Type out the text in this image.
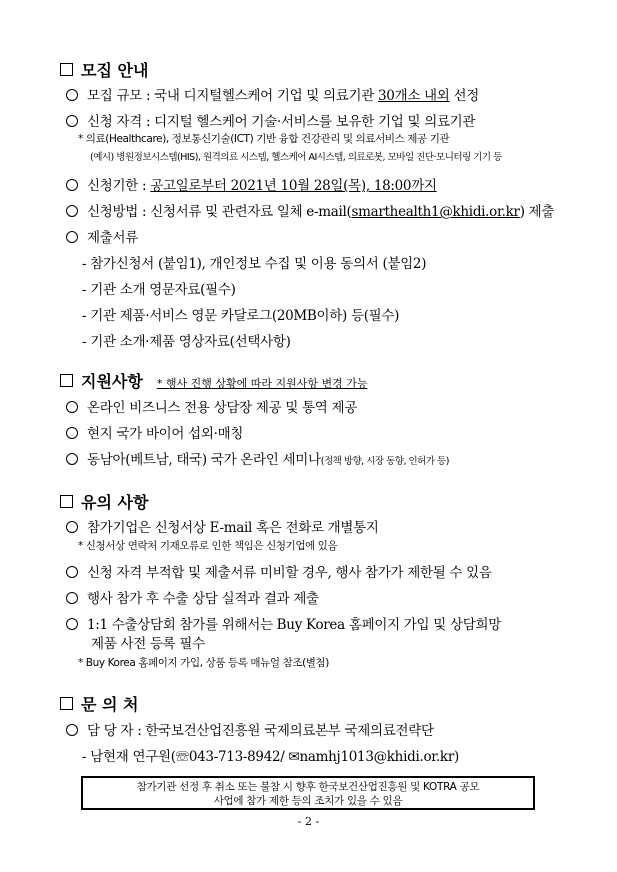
모집 안내
모집 규모 : 국내 디지털헬스케어 기업 및 의료기관 30개소 내외 선정
신청 자격 : 디지털 헬스케어 기술·서비스를 보유한 기업 및 의료기관
* 의료(Healthcare), 정보통신기술(ICT) 기반 융합 건강관리 및 의료서비스 제공 기관
(예시) 병원정보시스템(HIS), 원격의료 시스템, 헬스케어 AI시스템, 의료로봇, 모바일 진단·모니터링 기기 등
신청기한 : 공고일로부터 2021년 10월 28일(목), 18:00까지
신청방법 : 신청서류 및 관련자료 일체 e-mail(smarthealth1@khidi.or.kr) 제출
제출서류
- 참가신청서 (붙임1), 개인정보 수집 및 이용 동의서 (붙임2)
- 기관 소개 영문자료(필수)
- 기관 제품·서비스 영문 카달로그(20MB이하) 등(필수)
- 기관 소개·제품 영상자료(선택사항)
지원사항 * 행사 진행 상황에 따라 지원사항 변경 가능
온라인 비즈니스 전용 상담장 제공 및 통역 제공
현지 국가 바이어 섭외·매칭
동남아(베트남, 태국) 국가 온라인 세미나(정책 방향, 시장 동향, 인허가 등)
유의 사항
참가기업은 신청서상 E-mail 혹은 전화로 개별통지
* 신청서상 연락처 기재오류로 인한 책임은 신청기업에 있음
신청 자격 부적합 및 제출서류 미비할 경우, 행사 참가가 제한될 수 있음
행사 참가 후 수출 상담 실적과 결과 제출
1:1 수출상담회 참가를 위해서는 Buy Korea 홈페이지 가입 및 상담희망
제품 사전 등록 필수
* Buy Korea 홈페이지 가입, 상품 등록 매뉴얼 참조(별첨)
문 의 처
담 당 자 : 한국보건산업진흥원 국제의료본부 국제의료전략단
- 남현재 연구원(☏043-713-8942/ ✉namhj1013@khidi.or.kr)
참가기관 선정 후 취소 또는 불참 시 향후 한국보건산업진흥원 및 KOTRA 공모
사업에 참가 제한 등의 조치가 있을 수 있음
- 2 -
